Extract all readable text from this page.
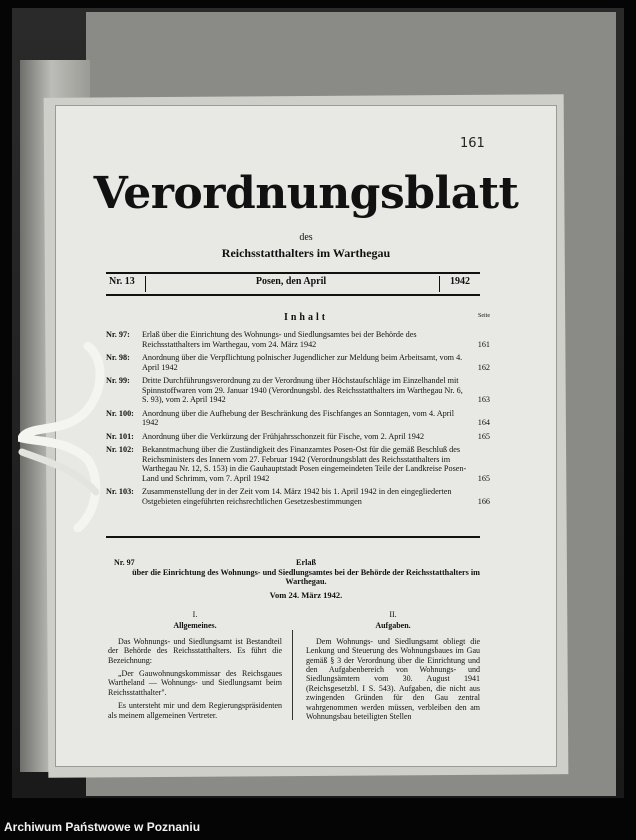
161
Verordnungsblatt
des
Reichsstatthalters im Warthegau
Nr. 13	Posen, den April	1942
Inhalt	Seite
Nr. 97: Erlaß über die Einrichtung des Wohnungs- und Siedlungsamtes bei der Behörde des Reichsstatthalters im Warthegau, vom 24. März 1942	161
Nr. 98: Anordnung über die Verpflichtung polnischer Jugendlicher zur Meldung beim Arbeitsamt, vom 4. April 1942	162
Nr. 99: Dritte Durchführungsverordnung zu der Verordnung über Höchstaufschläge im Einzelhandel mit Spinnstoffwaren vom 29. Januar 1940 (Verordnungsbl. des Reichsstatthalters im Warthegau Nr. 6, S. 93), vom 2. April 1942	163
Nr. 100: Anordnung über die Aufhebung der Beschränkung des Fischfanges an Sonntagen, vom 4. April 1942	164
Nr. 101: Anordnung über die Verkürzung der Frühjahrsschonzeit für Fische, vom 2. April 1942	165
Nr. 102: Bekanntmachung über die Zuständigkeit des Finanzamtes Posen-Ost für die gemäß Beschluß des Reichsministers des Innern vom 27. Februar 1942 (Verordnungsblatt des Reichsstatthalters im Warthegau Nr. 12, S. 153) in die Gauhauptstadt Posen eingemeindeten Teile der Landkreise Posen-Land und Schrimm, vom 7. April 1942	165
Nr. 103: Zusammenstellung der in der Zeit vom 14. März 1942 bis 1. April 1942 in den eingegliederten Ostgebieten eingeführten reichsrechtlichen Gesetzesbestimmungen	166
Nr. 97	Erlaß
über die Einrichtung des Wohnungs- und Siedlungsamtes bei der Behörde der Reichsstatthalters im Warthegau.
Vom 24. März 1942.
I.
Allgemeines.

Das Wohnungs- und Siedlungsamt ist Bestandteil der Behörde des Reichsstatthalters. Es führt die Bezeichnung:

„Der Gauwohnungskommissar des Reichsgaues Wartheland — Wohnungs- und Siedlungsamt beim Reichsstatthalter".

Es untersteht mir und dem Regierungspräsidenten als meinem allgemeinen Vertreter.

II.
Aufgaben.

Dem Wohnungs- und Siedlungsamt obliegt die Lenkung und Steuerung des Wohnungsbaues im Gau gemäß § 3 der Verordnung über die Einrichtung und den Aufgabenbereich von Wohnungs- und Siedlungsämtern vom 30. August 1941 (Reichsgesetzbl. I S. 543). Aufgaben, die nicht aus zwingenden Gründen für den Gau zentral wahrgenommen werden müssen, verbleiben den am Wohnungsbau beteiligten Stellen

Archiwum Państwowe w Poznaniu
